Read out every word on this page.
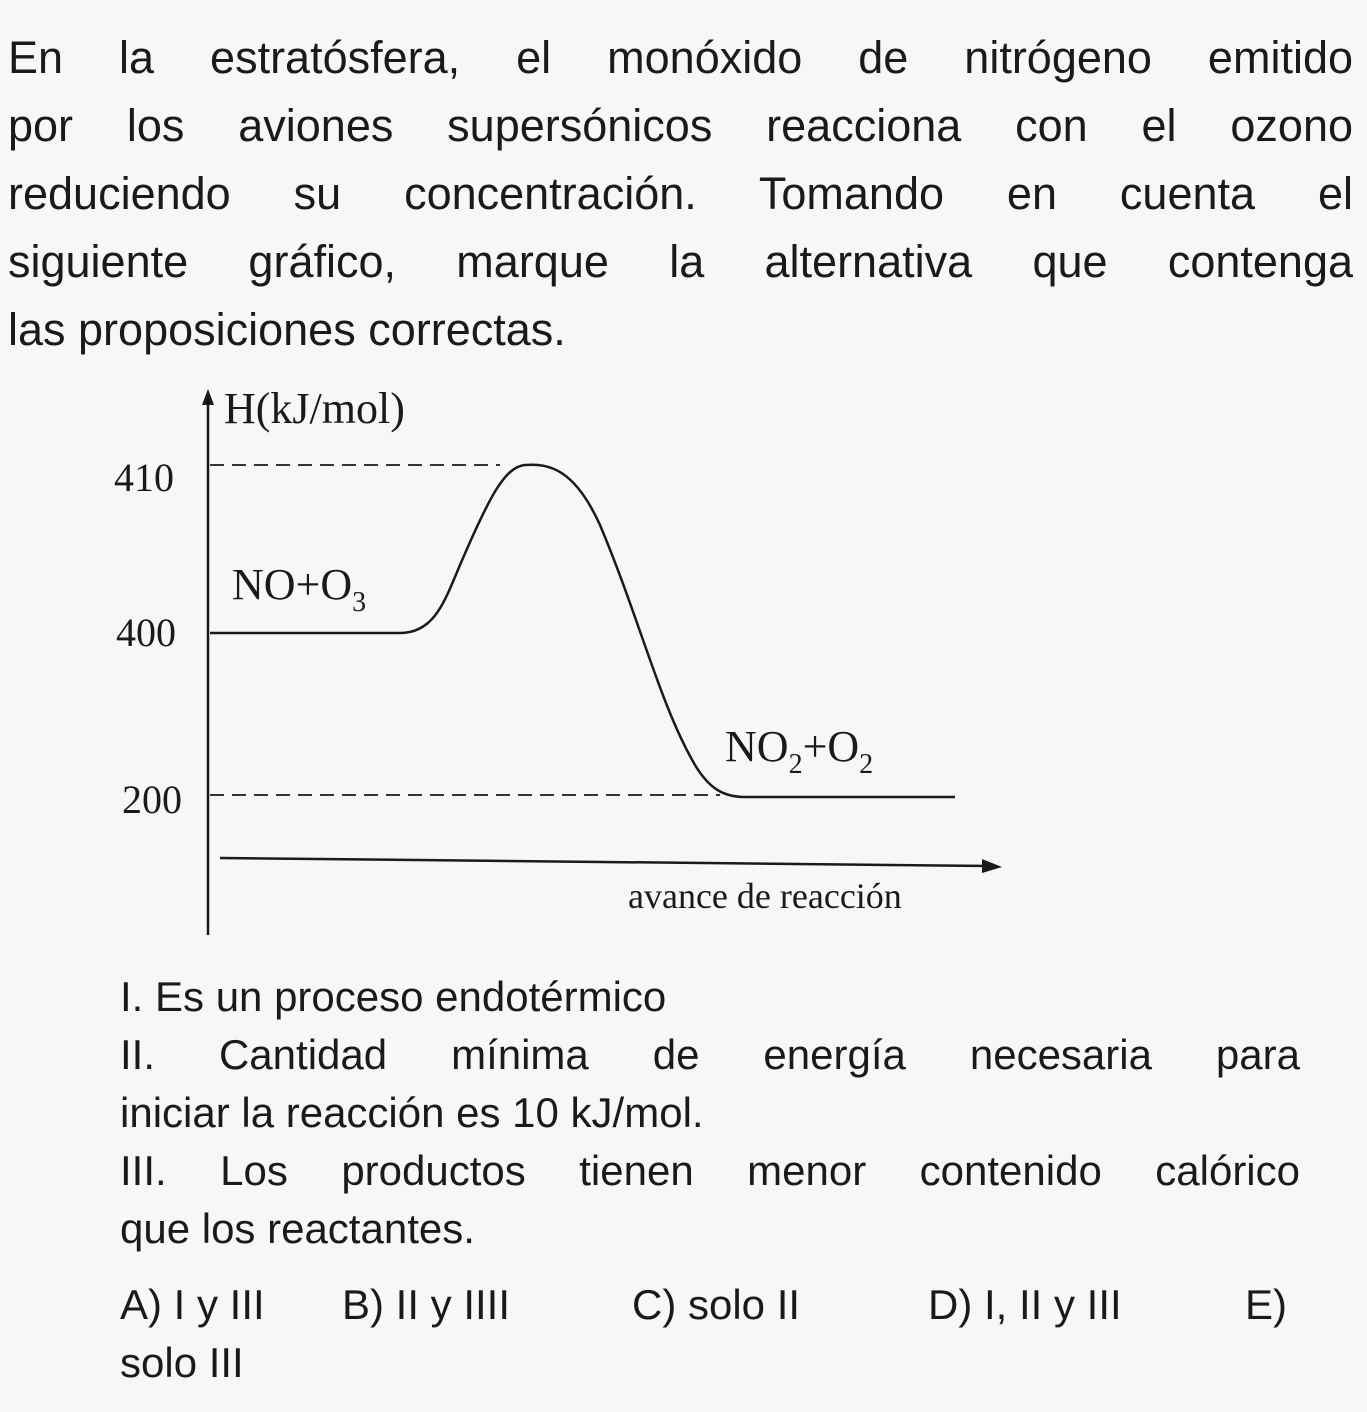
En la estratósfera, el monóxido de nitrógeno emitido
por los aviones supersónicos reacciona con el ozono
reduciendo su concentración. Tomando en cuenta el
siguiente gráfico, marque la alternativa que contenga
las proposiciones correctas.

H(kJ/mol)
avance de reacción
410
400
200
$NO+O_3$
$NO_2+O_2$
I. Es un proceso endotérmico
II. Cantidad mínima de energía necesaria para
iniciar la reacción es 10 kJ/mol.
III. Los productos tienen menor contenido calórico
que los reactantes.
A) I y III B) II y IIII	C) solo II	D) I, II y III	E)
solo III
